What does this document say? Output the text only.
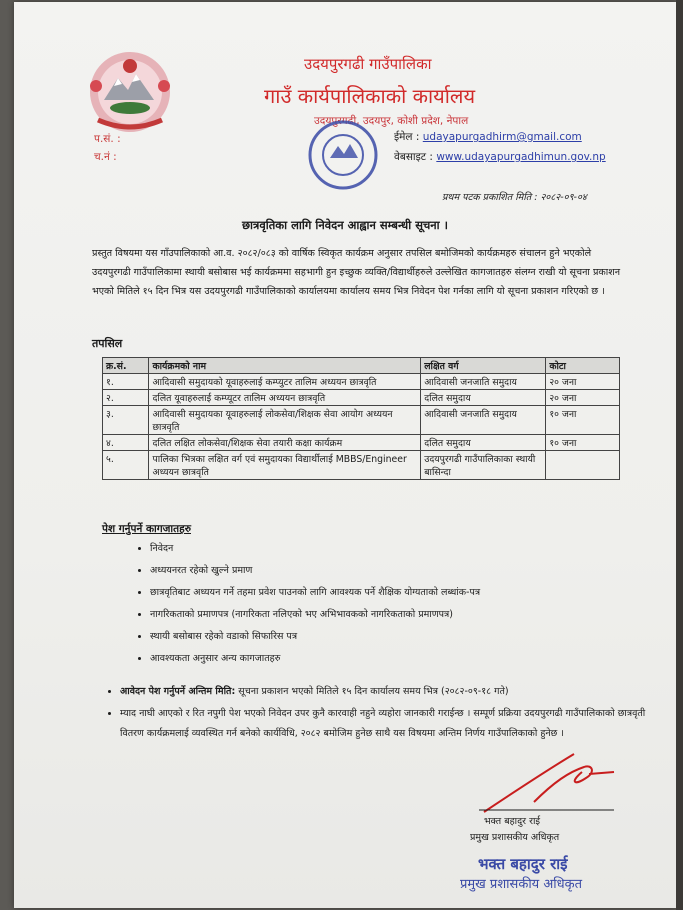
उदयपुरगढी गाउँपालिका
गाउँ कार्यपालिकाको कार्यालय
उदयपुरगढी, उदयपुर, कोशी प्रदेश, नेपाल
प.सं. :
च.नं :
ईमेल : udayapurgadhirm@gmail.com
वेबसाइट : www.udayapurgadhimun.gov.np
प्रथम पटक प्रकाशित मिति : २०८२-०९-०४
छात्रवृतिका लागि निवेदन आह्वान सम्बन्धी सूचना ।
प्रस्तुत विषयमा यस गाँउपालिकाको आ.व. २०८२/०८३ को वार्षिक स्विकृत कार्यक्रम अनुसार तपसिल बमोजिमको कार्यक्रमहरु संचालन हुने भएकोले उदयपुरगढी गाउँपालिकामा स्थायी बसोबास भई कार्यक्रममा सहभागी हुन इच्छुक व्यक्ति/विद्यार्थीहरुले उल्लेखित कागजातहरु संलग्न राखी यो सूचना प्रकाशन भएको मितिले १५ दिन भित्र यस उदयपुरगढी गाउँपालिकाको कार्यालयमा कार्यालय समय भित्र निवेदन पेश गर्नका लागि यो सूचना प्रकाशन गरिएको छ ।
तपसिल
क्र.सं.	कार्यक्रमको नाम	लक्षित वर्ग	कोटा
१.	आदिवासी समुदायको यूवाहरुलाई कम्प्युटर तालिम अध्ययन छात्रवृति	आदिवासी जनजाति समुदाय	२० जना
२.	दलित यूवाहरुलाई कम्प्यूटर तालिम अध्ययन छात्रवृति	दलित समुदाय	२० जना
३.	आदिवासी समुदायका यूवाहरुलाई लोकसेवा/शिक्षक सेवा आयोग अध्ययन छात्रवृति	आदिवासी जनजाति समुदाय	१० जना
४.	दलित लक्षित लोकसेवा/शिक्षक सेवा तयारी कक्षा कार्यक्रम	दलित समुदाय	१० जना
५.	पालिका भित्रका लक्षित वर्ग एवं समुदायका विद्यार्थीलाई MBBS/Engineer अध्ययन छात्रवृति	उदयपुरगढी गाउँपालिकाका स्थायी बासिन्दा	
पेश गर्नुपर्ने कागजातहरु
• निवेदन
• अध्ययनरत रहेको खुल्ने प्रमाण
• छात्रवृतिबाट अध्ययन गर्ने तहमा प्रवेश पाउनको लागि आवश्यक पर्ने शैक्षिक योग्यताको लब्धांक-पत्र
• नागरिकताको प्रमाणपत्र (नागरिकता नलिएको भए अभिभावकको नागरिकताको प्रमाणपत्र)
• स्थायी बसोबास रहेको वडाको सिफारिस पत्र
• आवश्यकता अनुसार अन्य कागजातहरु
• आवेदन पेश गर्नुपर्ने अन्तिम मिति: सूचना प्रकाशन भएको मितिले १५ दिन कार्यालय समय भित्र (२०८२-०९-१८ गते)
• म्याद नाघी आएको र रित नपुगी पेश भएको निवेदन उपर कुनै कारवाही नहुने व्यहोरा जानकारी गराईन्छ । सम्पूर्ण प्रक्रिया उदयपुरगढी गाउँपालिकाको छात्रवृती वितरण कार्यक्रमलाई व्यवस्थित गर्न बनेको कार्यविधि, २०८२ बमोजिम हुनेछ साथै यस विषयमा अन्तिम निर्णय गाउँपालिकाको हुनेछ ।
भक्त बहादुर राई
प्रमुख प्रशासकीय अधिकृत
भक्त बहादुर राई
प्रमुख प्रशासकीय अधिकृत
